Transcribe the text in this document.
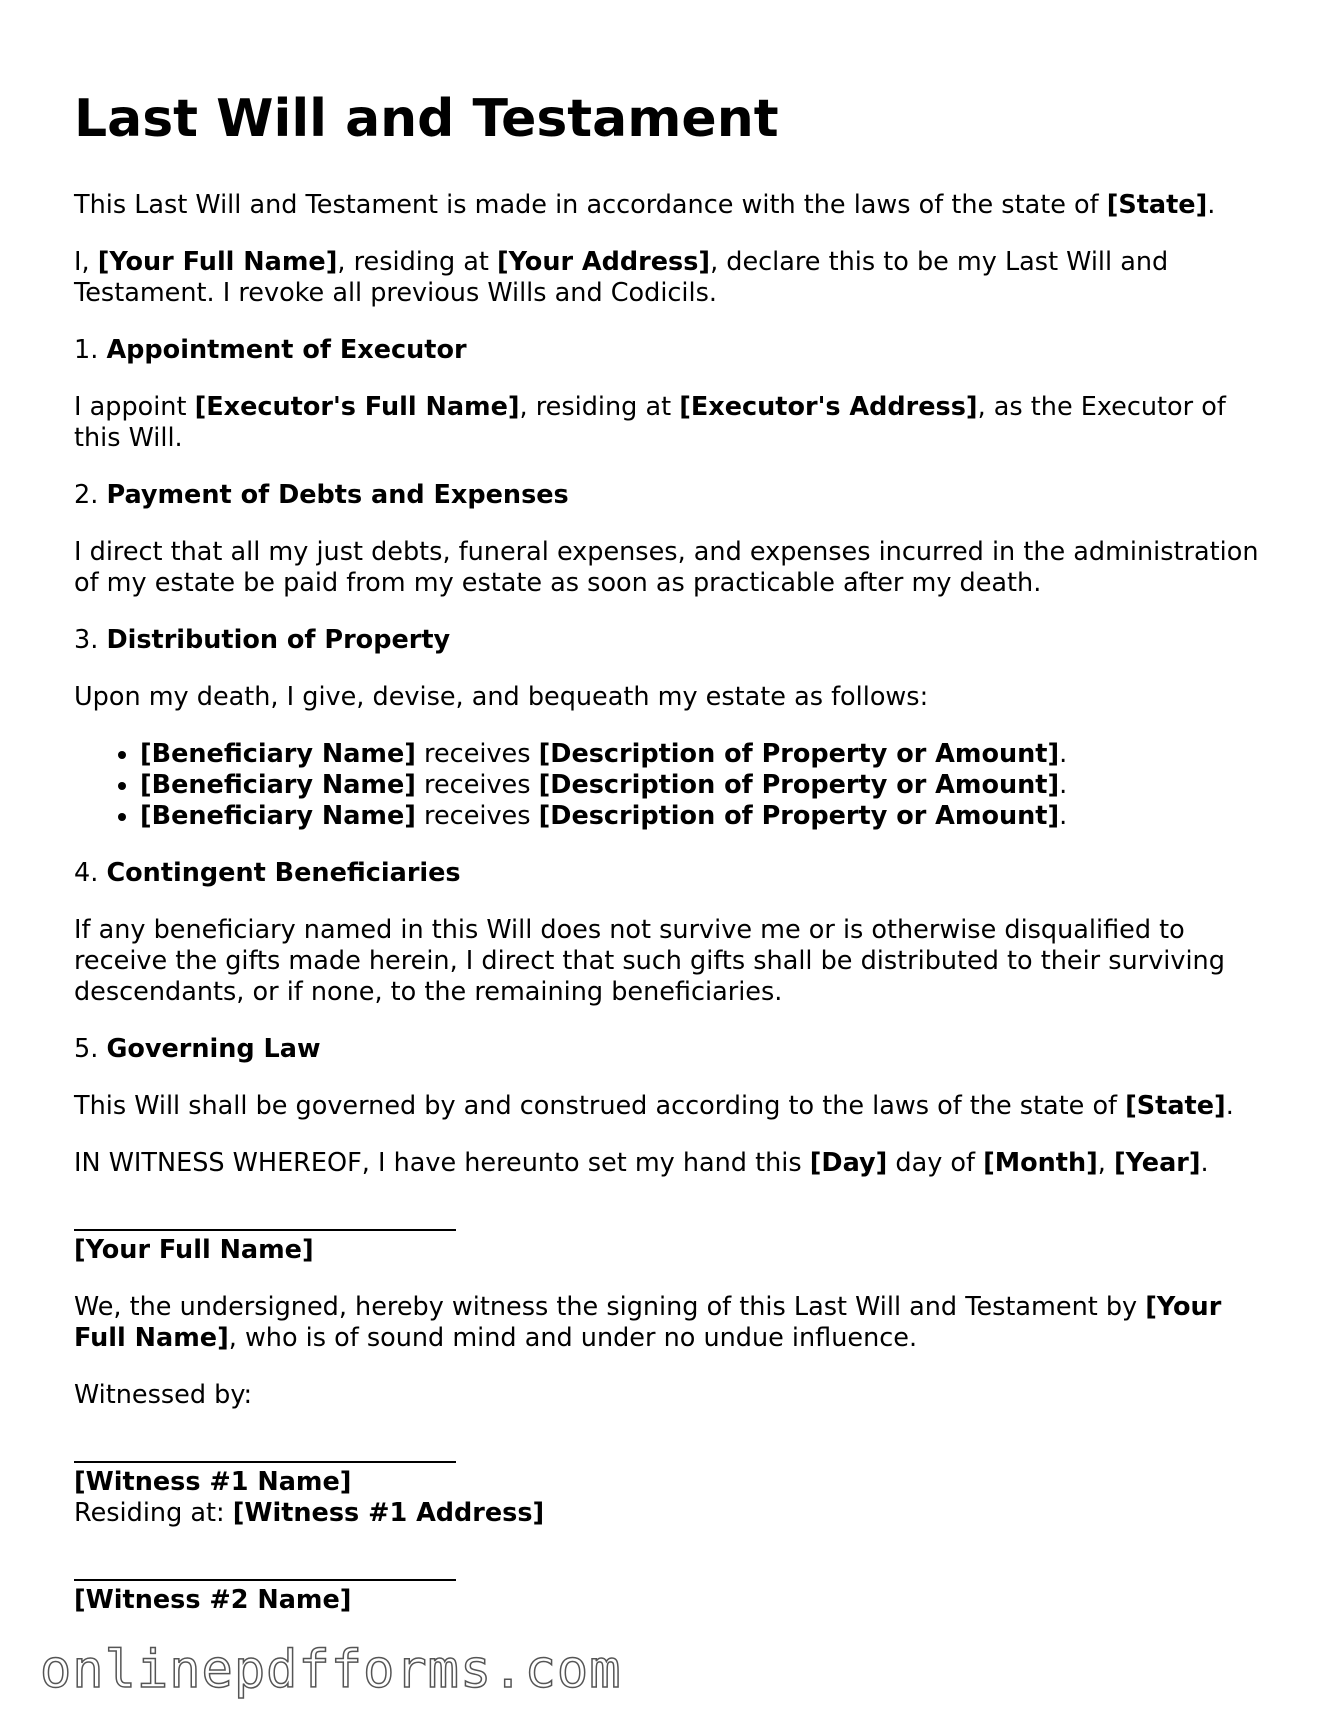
Last Will and Testament

This Last Will and Testament is made in accordance with the laws of the state of [State].

I, [Your Full Name], residing at [Your Address], declare this to be my Last Will and Testament. I revoke all previous Wills and Codicils.

1. Appointment of Executor

I appoint [Executor's Full Name], residing at [Executor's Address], as the Executor of this Will.

2. Payment of Debts and Expenses

I direct that all my just debts, funeral expenses, and expenses incurred in the administration of my estate be paid from my estate as soon as practicable after my death.

3. Distribution of Property

Upon my death, I give, devise, and bequeath my estate as follows:

• [Beneficiary Name] receives [Description of Property or Amount].
• [Beneficiary Name] receives [Description of Property or Amount].
• [Beneficiary Name] receives [Description of Property or Amount].

4. Contingent Beneficiaries

If any beneficiary named in this Will does not survive me or is otherwise disqualified to receive the gifts made herein, I direct that such gifts shall be distributed to their surviving descendants, or if none, to the remaining beneficiaries.

5. Governing Law

This Will shall be governed by and construed according to the laws of the state of [State].

IN WITNESS WHEREOF, I have hereunto set my hand this [Day] day of [Month], [Year].

[Your Full Name]

We, the undersigned, hereby witness the signing of this Last Will and Testament by [Your Full Name], who is of sound mind and under no undue influence.

Witnessed by:

[Witness #1 Name]

Residing at: [Witness #1 Address]

[Witness #2 Name]

onlinepdfforms.com
